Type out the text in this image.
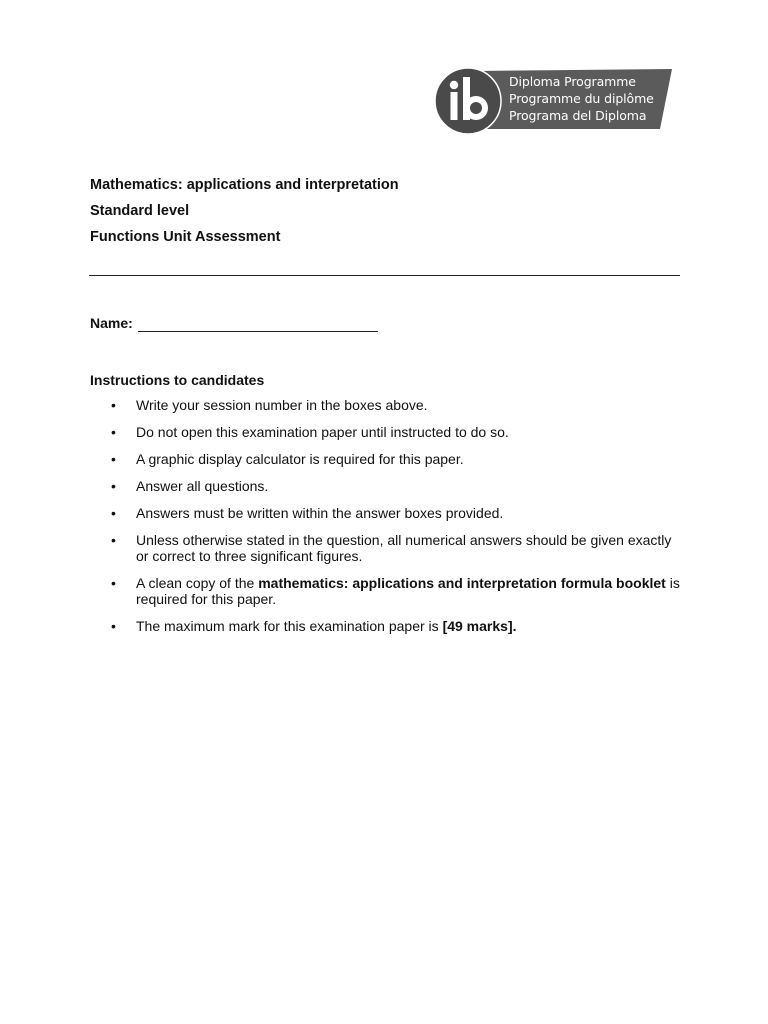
Diploma Programme
Programme du diplôme
Programa del Diploma
Mathematics: applications and interpretation
Standard level
Functions Unit Assessment
Name:
Instructions to candidates
• Write your session number in the boxes above.
• Do not open this examination paper until instructed to do so.
• A graphic display calculator is required for this paper.
• Answer all questions.
• Answers must be written within the answer boxes provided.
• Unless otherwise stated in the question, all numerical answers should be given exactly or correct to three significant figures.
• A clean copy of the mathematics: applications and interpretation formula booklet is required for this paper.
• The maximum mark for this examination paper is [49 marks].
